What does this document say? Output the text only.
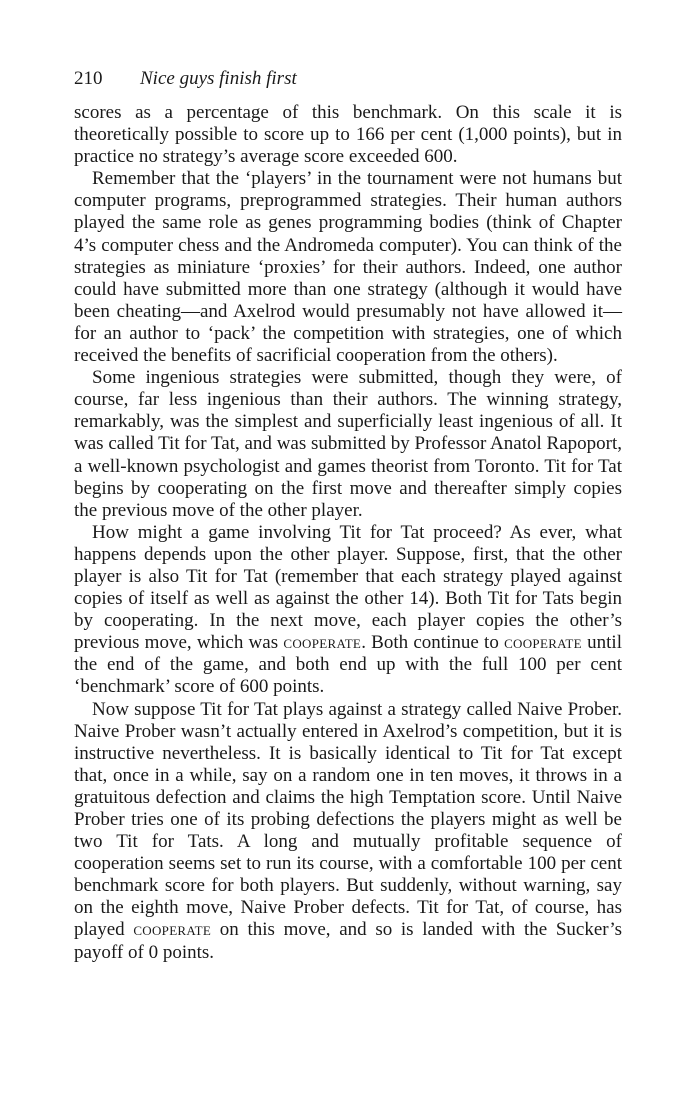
210 Nice guys finish first

scores as a percentage of this benchmark. On this scale it is theoretically possible to score up to 166 per cent (1,000 points), but in practice no strategy’s average score exceeded 600.

Remember that the ‘players’ in the tournament were not humans but computer programs, preprogrammed strategies. Their human authors played the same role as genes programming bodies (think of Chapter 4’s computer chess and the Andromeda computer). You can think of the strategies as miniature ‘proxies’ for their authors. Indeed, one author could have submitted more than one strategy (although it would have been cheating—and Axelrod would presumably not have allowed it—for an author to ‘pack’ the competition with strategies, one of which received the benefits of sacrificial cooperation from the others).

Some ingenious strategies were submitted, though they were, of course, far less ingenious than their authors. The winning strategy, remarkably, was the simplest and superficially least ingenious of all. It was called Tit for Tat, and was submitted by Professor Anatol Rapoport, a well-known psychologist and games theorist from Toronto. Tit for Tat begins by cooperating on the first move and thereafter simply copies the previous move of the other player.

How might a game involving Tit for Tat proceed? As ever, what happens depends upon the other player. Suppose, first, that the other player is also Tit for Tat (remember that each strategy played against copies of itself as well as against the other 14). Both Tit for Tats begin by cooperating. In the next move, each player copies the other’s previous move, which was cooperate. Both continue to cooperate until the end of the game, and both end up with the full 100 per cent ‘benchmark’ score of 600 points.

Now suppose Tit for Tat plays against a strategy called Naive Prober. Naive Prober wasn’t actually entered in Axelrod’s competition, but it is instructive nevertheless. It is basically identical to Tit for Tat except that, once in a while, say on a random one in ten moves, it throws in a gratuitous defection and claims the high Temptation score. Until Naive Prober tries one of its probing defections the players might as well be two Tit for Tats. A long and mutually profitable sequence of cooperation seems set to run its course, with a comfortable 100 per cent benchmark score for both players. But suddenly, without warning, say on the eighth move, Naive Prober defects. Tit for Tat, of course, has played cooperate on this move, and so is landed with the Sucker’s payoff of 0 points.
